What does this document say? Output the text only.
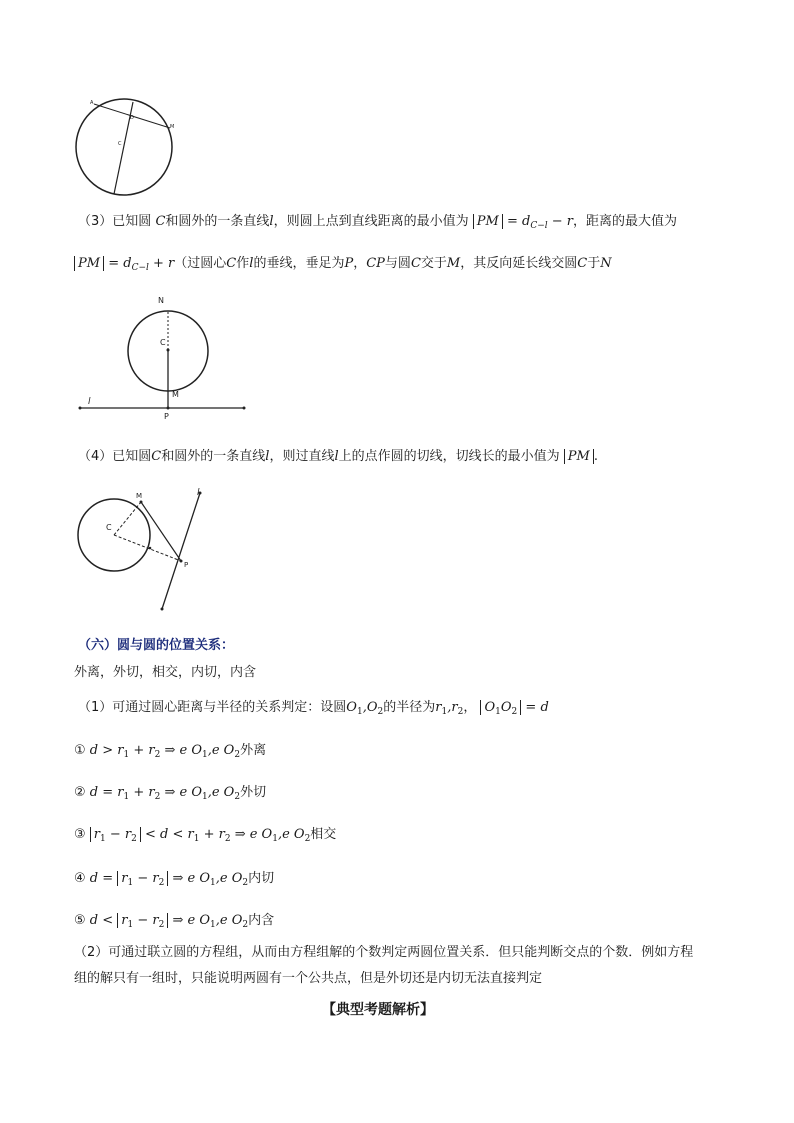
A
D
M
C
（3）已知圆 C和圆外的一条直线l，则圆上点到直线距离的最小值为 PM = $d_{C-l} - r$，距离的最大值为
PM = $d_{C-l} + r$（过圆心C作l的垂线，垂足为P，CP与圆C交于M，其反向延长线交圆C于N
N
C
M
l
P
（4）已知圆C和圆外的一条直线l，则过直线l上的点作圆的切线，切线长的最小值为 PM .
M	l
C
P
（六）圆与圆的位置关系：
外离，外切，相交，内切，内含
（1）可通过圆心距离与半径的关系判定：设圆$O_1,O_2$的半径为$r_1,r_2$， $O_1O_2 = d$
① $d > r_1 + r_2$ ⇒ e $O_1,e$ $O_2$外离
② $d = r_1 + r_2$ ⇒ e $O_1,e$ $O_2$外切
③ $r_1 - r_2 < d < r_1 + r_2$ ⇒ e $O_1,e$ $O_2$相交
④ $d = r_1 - r_2$ ⇒ e $O_1,e$ $O_2$内切
⑤ $d < r_1 - r_2$ ⇒ e $O_1,e$ $O_2$内含
（2）可通过联立圆的方程组，从而由方程组解的个数判定两圆位置关系．但只能判断交点的个数．例如方程
组的解只有一组时，只能说明两圆有一个公共点，但是外切还是内切无法直接判定
【典型考题解析】
